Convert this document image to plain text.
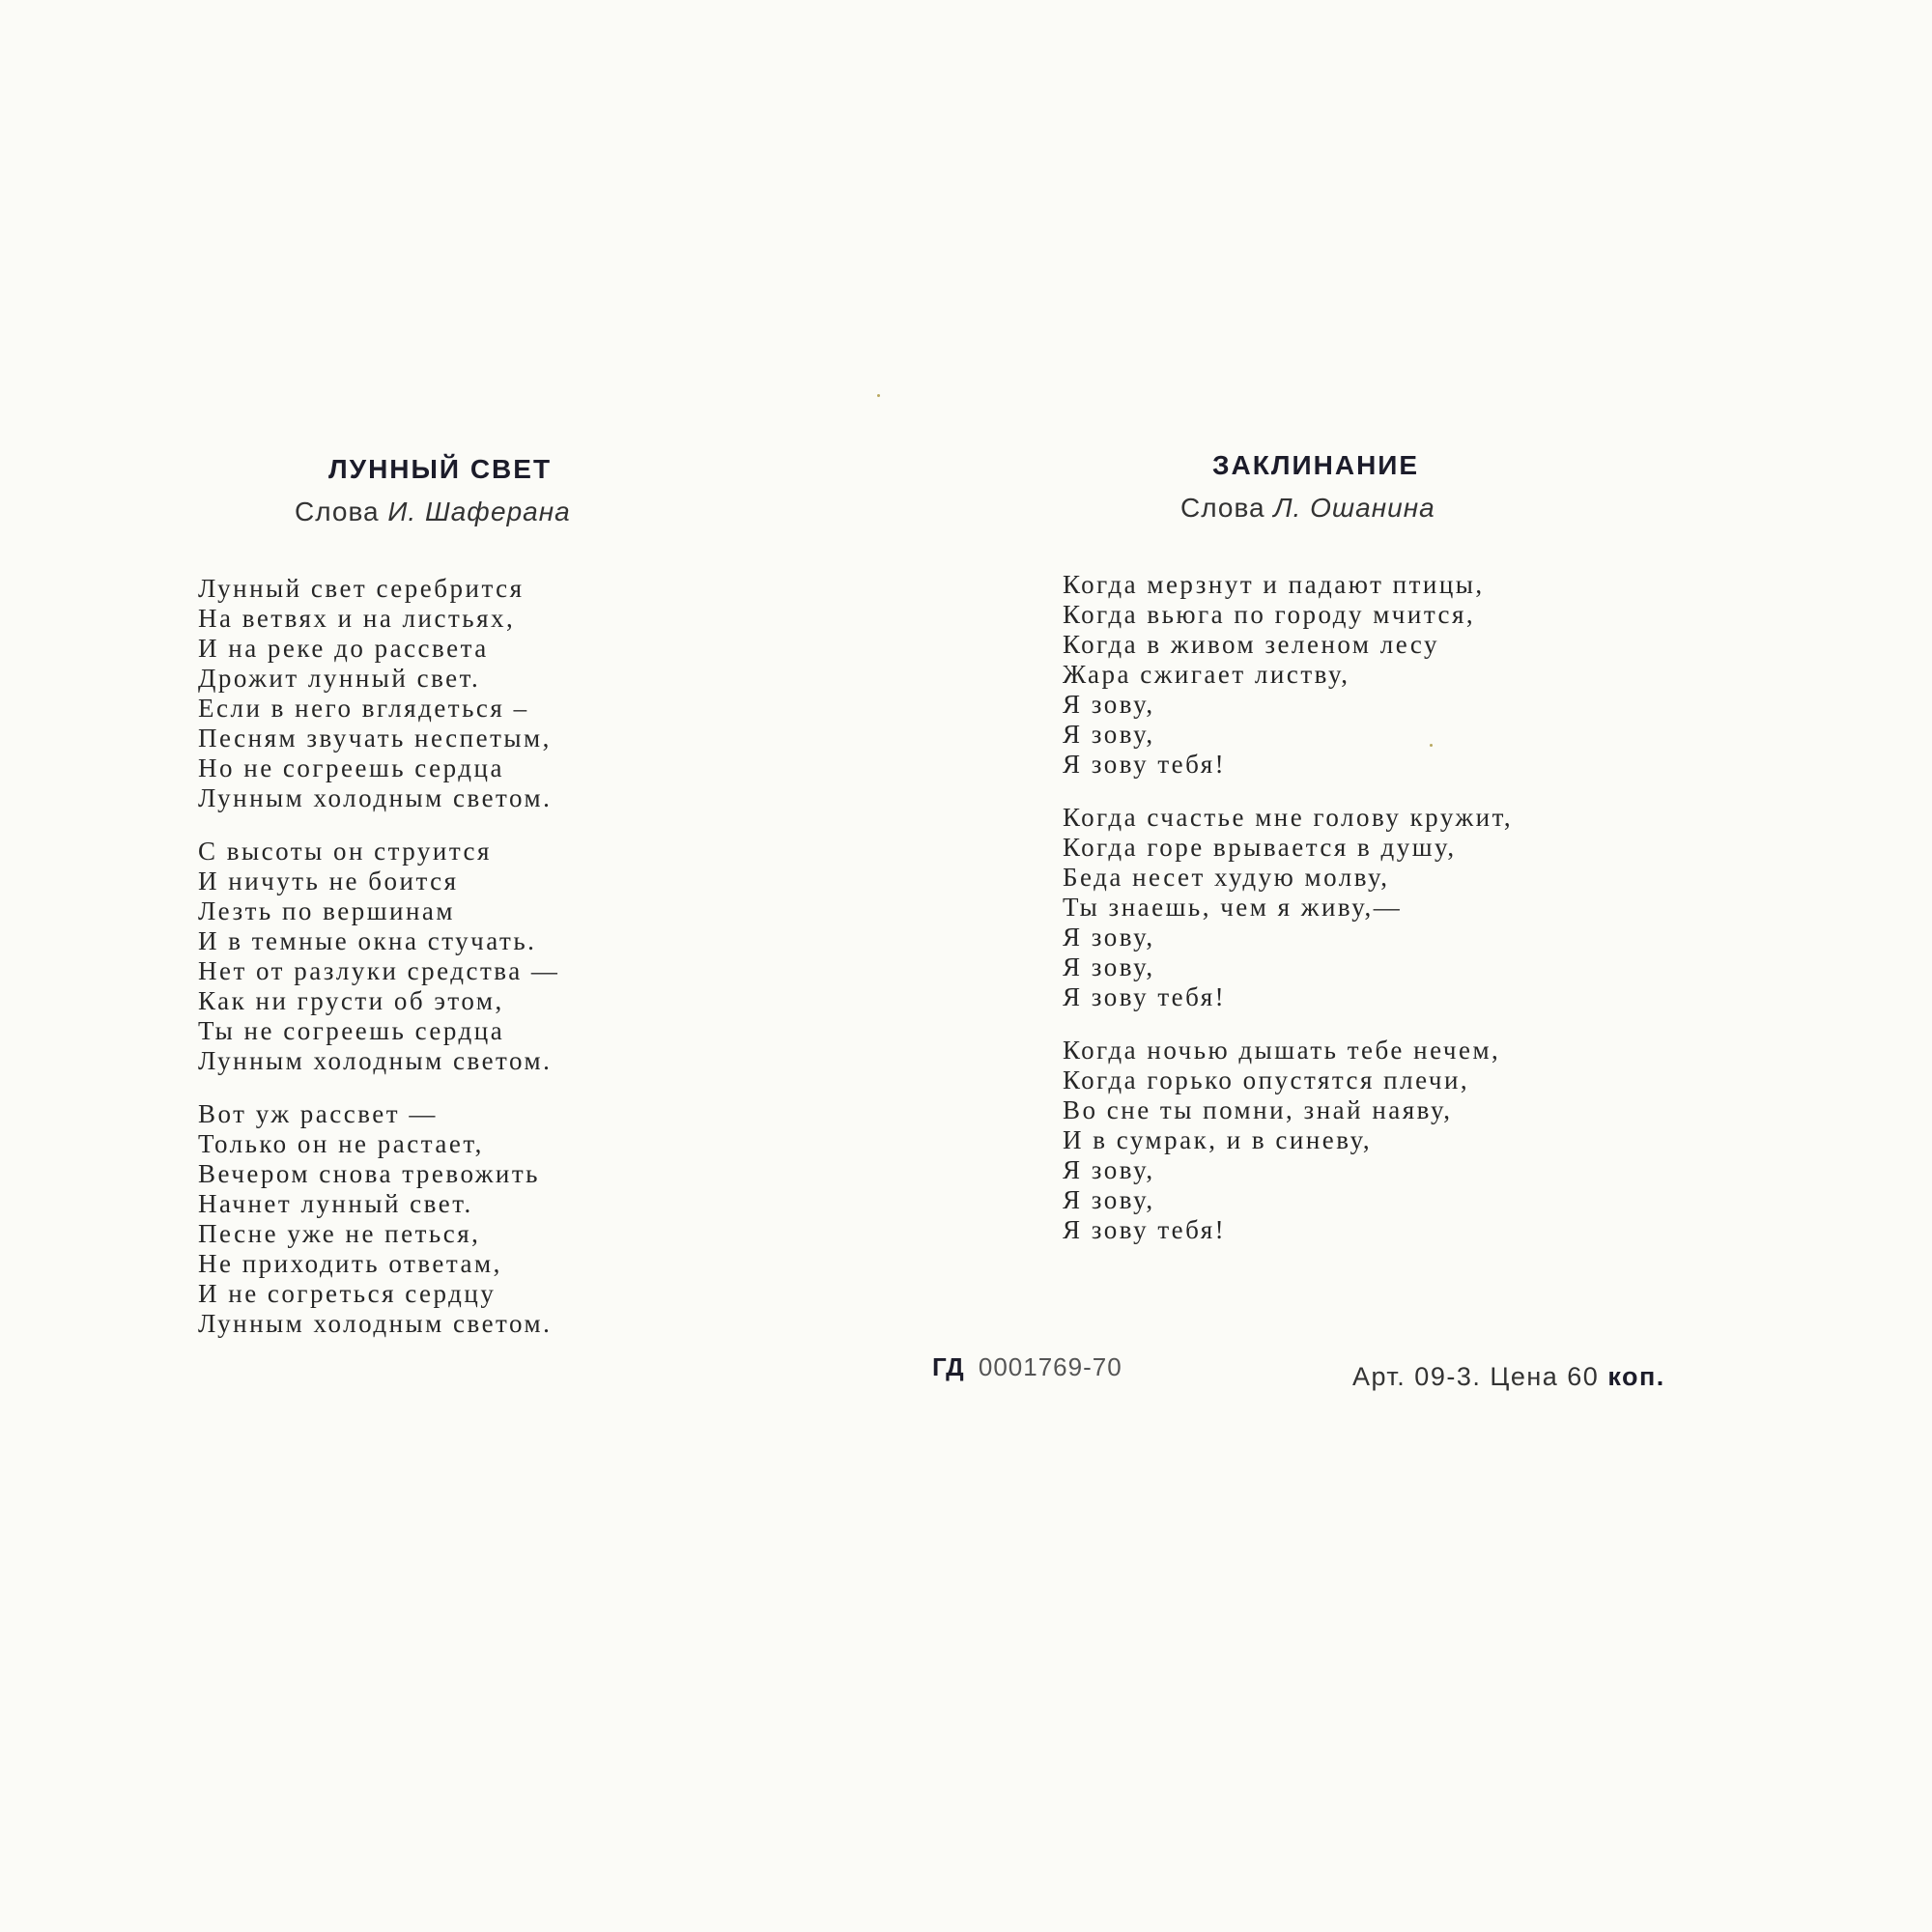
ЛУННЫЙ СВЕТ

Слова И. Шаферана

Лунный свет серебрится
На ветвях и на листьях,
И на реке до рассвета
Дрожит лунный свет.
Если в него вглядеться –
Песням звучать неспетым,
Но не согреешь сердца
Лунным холодным светом.
С высоты он струится
И ничуть не боится
Лезть по вершинам
И в темные окна стучать.
Нет от разлуки средства —
Как ни грусти об этом,
Ты не согреешь сердца
Лунным холодным светом.
Вот уж рассвет —
Только он не растает,
Вечером снова тревожить
Начнет лунный свет.
Песне уже не петься,
Не приходить ответам,
И не согреться сердцу
Лунным холодным светом.
ЗАКЛИНАНИЕ

Слова Л. Ошанина

Когда мерзнут и падают птицы,
Когда вьюга по городу мчится,
Когда в живом зеленом лесу
Жара сжигает листву,
Я зову,
Я зову,
Я зову тебя!
Когда счастье мне голову кружит,
Когда горе врывается в душу,
Беда несет худую молву,
Ты знаешь, чем я живу,—
Я зову,
Я зову,
Я зову тебя!
Когда ночью дышать тебе нечем,
Когда горько опустятся плечи,
Во сне ты помни, знай наяву,
И в сумрак, и в синеву,
Я зову,
Я зову,
Я зову тебя!
ГД 0001769-70	Арт. 09-3. Цена 60 коп.
